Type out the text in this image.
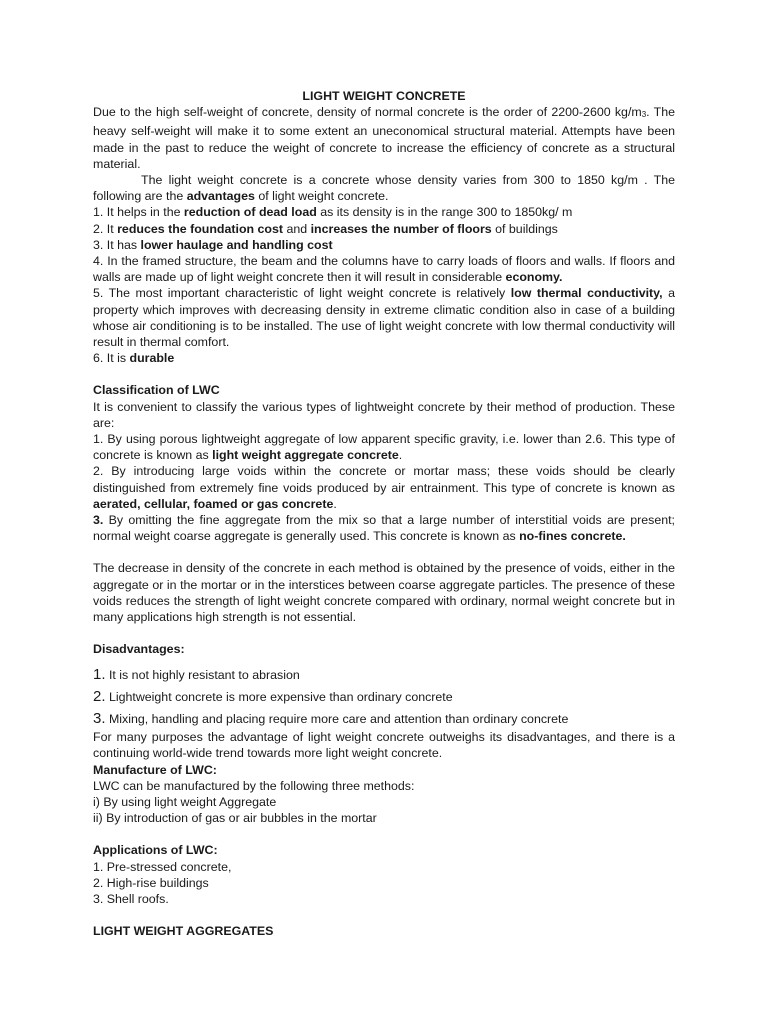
LIGHT WEIGHT CONCRETE

Due to the high self-weight of concrete, density of normal concrete is the order of 2200-2600 $kg/m_3$. The heavy self-weight will make it to some extent an uneconomical structural material. Attempts have been made in the past to reduce the weight of concrete to increase the efficiency of concrete as a structural material.

The light weight concrete is a concrete whose density varies from 300 to 1850 kg/m . The following are the advantages of light weight concrete.

1. It helps in the reduction of dead load as its density is in the range 300 to 1850kg/ m

2. It reduces the foundation cost and increases the number of floors of buildings

3. It has lower haulage and handling cost

4. In the framed structure, the beam and the columns have to carry loads of floors and walls. If floors and walls are made up of light weight concrete then it will result in considerable economy.

5. The most important characteristic of light weight concrete is relatively low thermal conductivity, a property which improves with decreasing density in extreme climatic condition also in case of a building whose air conditioning is to be installed. The use of light weight concrete with low thermal conductivity will result in thermal comfort.

6. It is durable

Classification of LWC

It is convenient to classify the various types of lightweight concrete by their method of production. These are:

1. By using porous lightweight aggregate of low apparent specific gravity, i.e. lower than 2.6. This type of concrete is known as light weight aggregate concrete.

2. By introducing large voids within the concrete or mortar mass; these voids should be clearly distinguished from extremely fine voids produced by air entrainment. This type of concrete is known as aerated, cellular, foamed or gas concrete.

3. By omitting the fine aggregate from the mix so that a large number of interstitial voids are present; normal weight coarse aggregate is generally used. This concrete is known as no-fines concrete.

The decrease in density of the concrete in each method is obtained by the presence of voids, either in the aggregate or in the mortar or in the interstices between coarse aggregate particles. The presence of these voids reduces the strength of light weight concrete compared with ordinary, normal weight concrete but in many applications high strength is not essential.

Disadvantages:

1. It is not highly resistant to abrasion

2. Lightweight concrete is more expensive than ordinary concrete

3. Mixing, handling and placing require more care and attention than ordinary concrete

For many purposes the advantage of light weight concrete outweighs its disadvantages, and there is a continuing world-wide trend towards more light weight concrete.

Manufacture of LWC:

LWC can be manufactured by the following three methods:

i) By using light weight Aggregate

ii) By introduction of gas or air bubbles in the mortar

Applications of LWC:

1. Pre-stressed concrete,

2. High-rise buildings

3. Shell roofs.

LIGHT WEIGHT AGGREGATES
